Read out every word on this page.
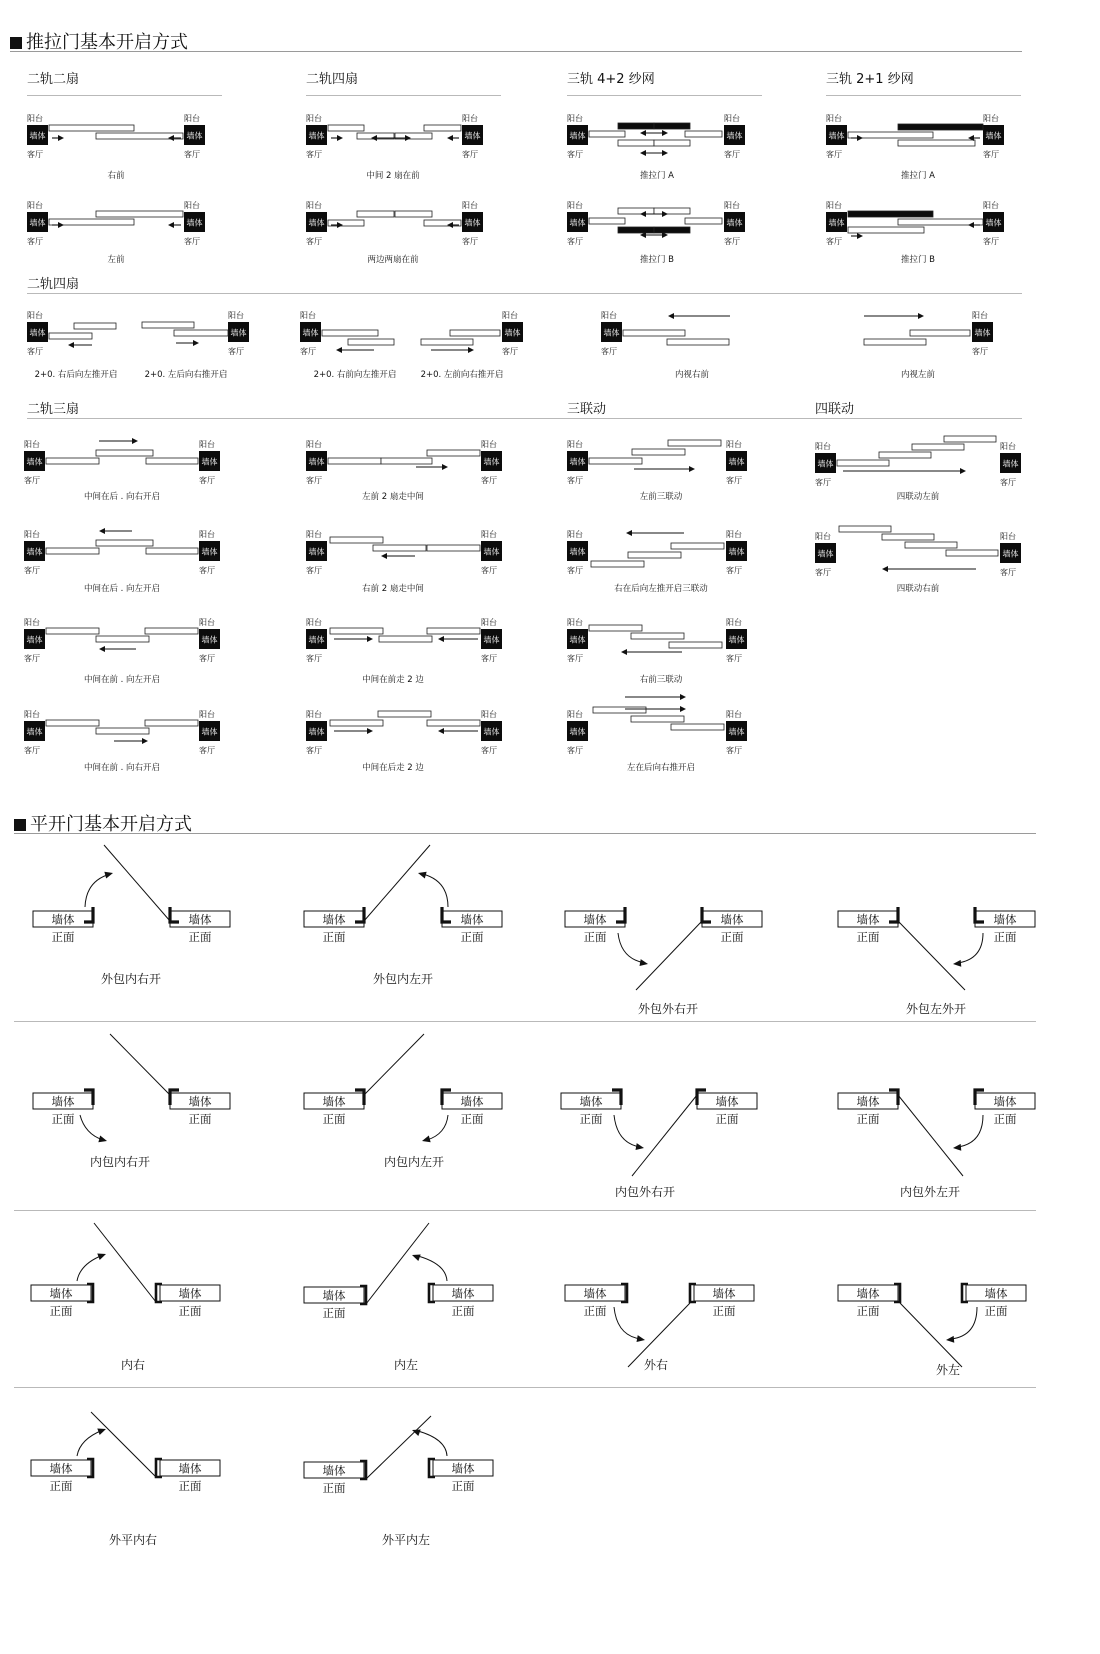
推拉门基本开启方式
二轨二扇	二轨四扇	三轨 4+2 纱网	三轨 2+1 纱网
二轨四扇
二轨三扇	三联动	四联动
阳台
墙体
客厅
阳台
墙体
客厅
阳台
墙体
客厅
阳台
墙体
客厅
阳台
墙体
客厅
阳台
墙体
客厅
阳台
墙体
客厅
阳台
墙体
客厅
阳台
墙体
客厅
阳台
墙体
客厅
阳台
墙体
客厅
阳台
墙体
客厅
阳台
墙体
客厅
阳台
墙体
客厅
阳台
墙体
客厅
阳台
墙体
客厅
阳台
墙体
客厅
阳台
墙体
客厅
阳台
墙体
客厅
阳台
墙体
客厅
阳台
墙体
客厅
阳台
墙体
客厅
阳台
墙体
客厅
阳台
墙体
客厅
阳台
墙体
客厅
阳台
墙体
客厅
阳台
墙体
客厅
阳台
墙体
客厅
阳台
墙体
客厅
阳台
墙体
客厅
阳台
墙体
客厅
阳台
墙体
客厅
阳台
墙体
客厅
阳台
墙体
客厅
阳台
墙体
客厅
阳台
墙体
客厅
阳台
墙体
客厅
阳台
墙体
客厅
阳台
墙体
客厅
阳台
墙体
客厅
阳台
墙体
客厅
阳台
墙体
客厅
阳台
墙体
客厅
阳台
墙体
客厅
阳台
墙体
客厅
阳台
墙体
客厅
阳台
墙体
客厅
阳台
墙体
客厅
阳台
墙体
客厅
阳台
墙体
客厅
右前	中间 2 扇在前	推拉门 A	推拉门 A
左前	两边两扇在前	推拉门 B	推拉门 B
2+0. 右后向左推开启	2+0. 左后向右推开启	2+0. 右前向左推开启	2+0. 左前向右推开启	内视右前	内视左前
中间在后 . 向右开启	左前 2 扇走中间	左前三联动	四联动左前
中间在后 . 向左开启	右前 2 扇走中间	右在后向左推开启三联动	四联动右前
中间在前 . 向左开启	中间在前走 2 边	右前三联动
中间在前 . 向右开启	中间在后走 2 边	左在后向右推开启
平开门基本开启方式
墙体
正面
墙体
正面
墙体
正面
墙体
正面
墙体
正面
墙体
正面
墙体
正面
墙体
正面
墙体
正面
墙体
正面
墙体
正面
墙体
正面
墙体
正面
墙体
正面
墙体
正面
墙体
正面
墙体
正面
墙体
正面
墙体
正面
墙体
正面
墙体
正面
墙体
正面
墙体
正面
墙体
正面
墙体
正面
墙体
正面
墙体
正面
墙体
正面
外包内右开	外包内左开
外包外右开	外包左外开
内包内右开	内包内左开
内包外右开	内包外左开
内右	内左	外右	外左
外平内右	外平内左
